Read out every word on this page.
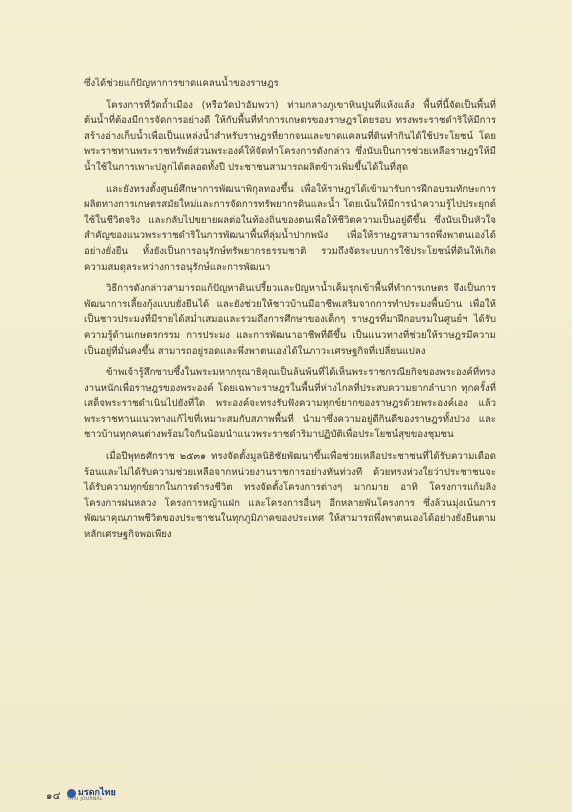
ซึ่งได้ช่วยแก้ปัญหาการขาดแคลนน้ำของราษฎร

โครงการที่วัดถ้ำเมือง (หรือวัดป่าอัมพวา) ท่ามกลางภูเขาหินปูนที่แห้งแล้ง พื้นที่นี้จัดเป็นพื้นที่ต้นน้ำที่ต้องมีการจัดการอย่างดี ให้กับพื้นที่ทำการเกษตรของราษฎรโดยรอบ ทรงพระราชดำริให้มีการสร้างอ่างเก็บน้ำเพื่อเป็นแหล่งน้ำสำหรับราษฎรที่ยากจนและขาดแคลนที่ดินทำกินได้ใช้ประโยชน์ โดยพระราชทานพระราชทรัพย์ส่วนพระองค์ให้จัดทำโครงการดังกล่าว ซึ่งนับเป็นการช่วยเหลือราษฎรให้มีน้ำใช้ในการเพาะปลูกได้ตลอดทั้งปี ประชาชนสามารถผลิตข้าวเพิ่มขึ้นได้ในที่สุด

และยังทรงตั้งศูนย์ศึกษาการพัฒนาพิกุลทองขึ้น เพื่อให้ราษฎรได้เข้ามารับการฝึกอบรมทักษะการผลิตทางการเกษตรสมัยใหม่และการจัดการทรัพยากรดินและน้ำ โดยเน้นให้มีการนำความรู้ไปประยุกต์ใช้ในชีวิตจริง และกลับไปขยายผลต่อในท้องถิ่นของตนเพื่อให้ชีวิตความเป็นอยู่ดีขึ้น ซึ่งนับเป็นหัวใจสำคัญของแนวพระราชดำริในการพัฒนาพื้นที่ลุ่มน้ำปากพนัง เพื่อให้ราษฎรสามารถพึ่งพาตนเองได้อย่างยั่งยืน ทั้งยังเป็นการอนุรักษ์ทรัพยากรธรรมชาติ รวมถึงจัดระบบการใช้ประโยชน์ที่ดินให้เกิดความสมดุลระหว่างการอนุรักษ์และการพัฒนา

วิธีการดังกล่าวสามารถแก้ปัญหาดินเปรี้ยวและปัญหาน้ำเค็มรุกเข้าพื้นที่ทำการเกษตร จึงเป็นการพัฒนาการเลี้ยงกุ้งแบบยั่งยืนได้ และยังช่วยให้ชาวบ้านมีอาชีพเสริมจากการทำประมงพื้นบ้าน เพื่อให้เป็นชาวประมงที่มีรายได้สม่ำเสมอและรวมถึงการศึกษาของเด็กๆ ราษฎรที่มาฝึกอบรมในศูนย์ฯ ได้รับความรู้ด้านเกษตรกรรม การประมง และการพัฒนาอาชีพที่ดีขึ้น เป็นแนวทางที่ช่วยให้ราษฎรมีความเป็นอยู่ที่มั่นคงขึ้น สามารถอยู่รอดและพึ่งพาตนเองได้ในภาวะเศรษฐกิจที่เปลี่ยนแปลง

ข้าพเจ้ารู้สึกซาบซึ้งในพระมหากรุณาธิคุณเป็นล้นพ้นที่ได้เห็นพระราชกรณียกิจของพระองค์ที่ทรงงานหนักเพื่อราษฎรของพระองค์ โดยเฉพาะราษฎรในพื้นที่ห่างไกลที่ประสบความยากลำบาก ทุกครั้งที่เสด็จพระราชดำเนินไปยังที่ใด พระองค์จะทรงรับฟังความทุกข์ยากของราษฎรด้วยพระองค์เอง แล้วพระราชทานแนวทางแก้ไขที่เหมาะสมกับสภาพพื้นที่ นำมาซึ่งความอยู่ดีกินดีของราษฎรทั้งปวง และชาวบ้านทุกคนต่างพร้อมใจกันน้อมนำแนวพระราชดำริมาปฏิบัติเพื่อประโยชน์สุขของชุมชน

เมื่อปีพุทธศักราช ๒๕๓๑ ทรงจัดตั้งมูลนิธิชัยพัฒนาขึ้นเพื่อช่วยเหลือประชาชนที่ได้รับความเดือดร้อนและไม่ได้รับความช่วยเหลือจากหน่วยงานราชการอย่างทันท่วงที ด้วยทรงห่วงใยว่าประชาชนจะได้รับความทุกข์ยากในการดำรงชีวิต ทรงจัดตั้งโครงการต่างๆ มากมาย อาทิ โครงการแก้มลิง โครงการฝนหลวง โครงการหญ้าแฝก และโครงการอื่นๆ อีกหลายพันโครงการ ซึ่งล้วนมุ่งเน้นการพัฒนาคุณภาพชีวิตของประชาชนในทุกภูมิภาคของประเทศ ให้สามารถพึ่งพาตนเองได้อย่างยั่งยืนตามหลักเศรษฐกิจพอเพียง

๑๔ มรดกไทย
THAI JOURNAL
